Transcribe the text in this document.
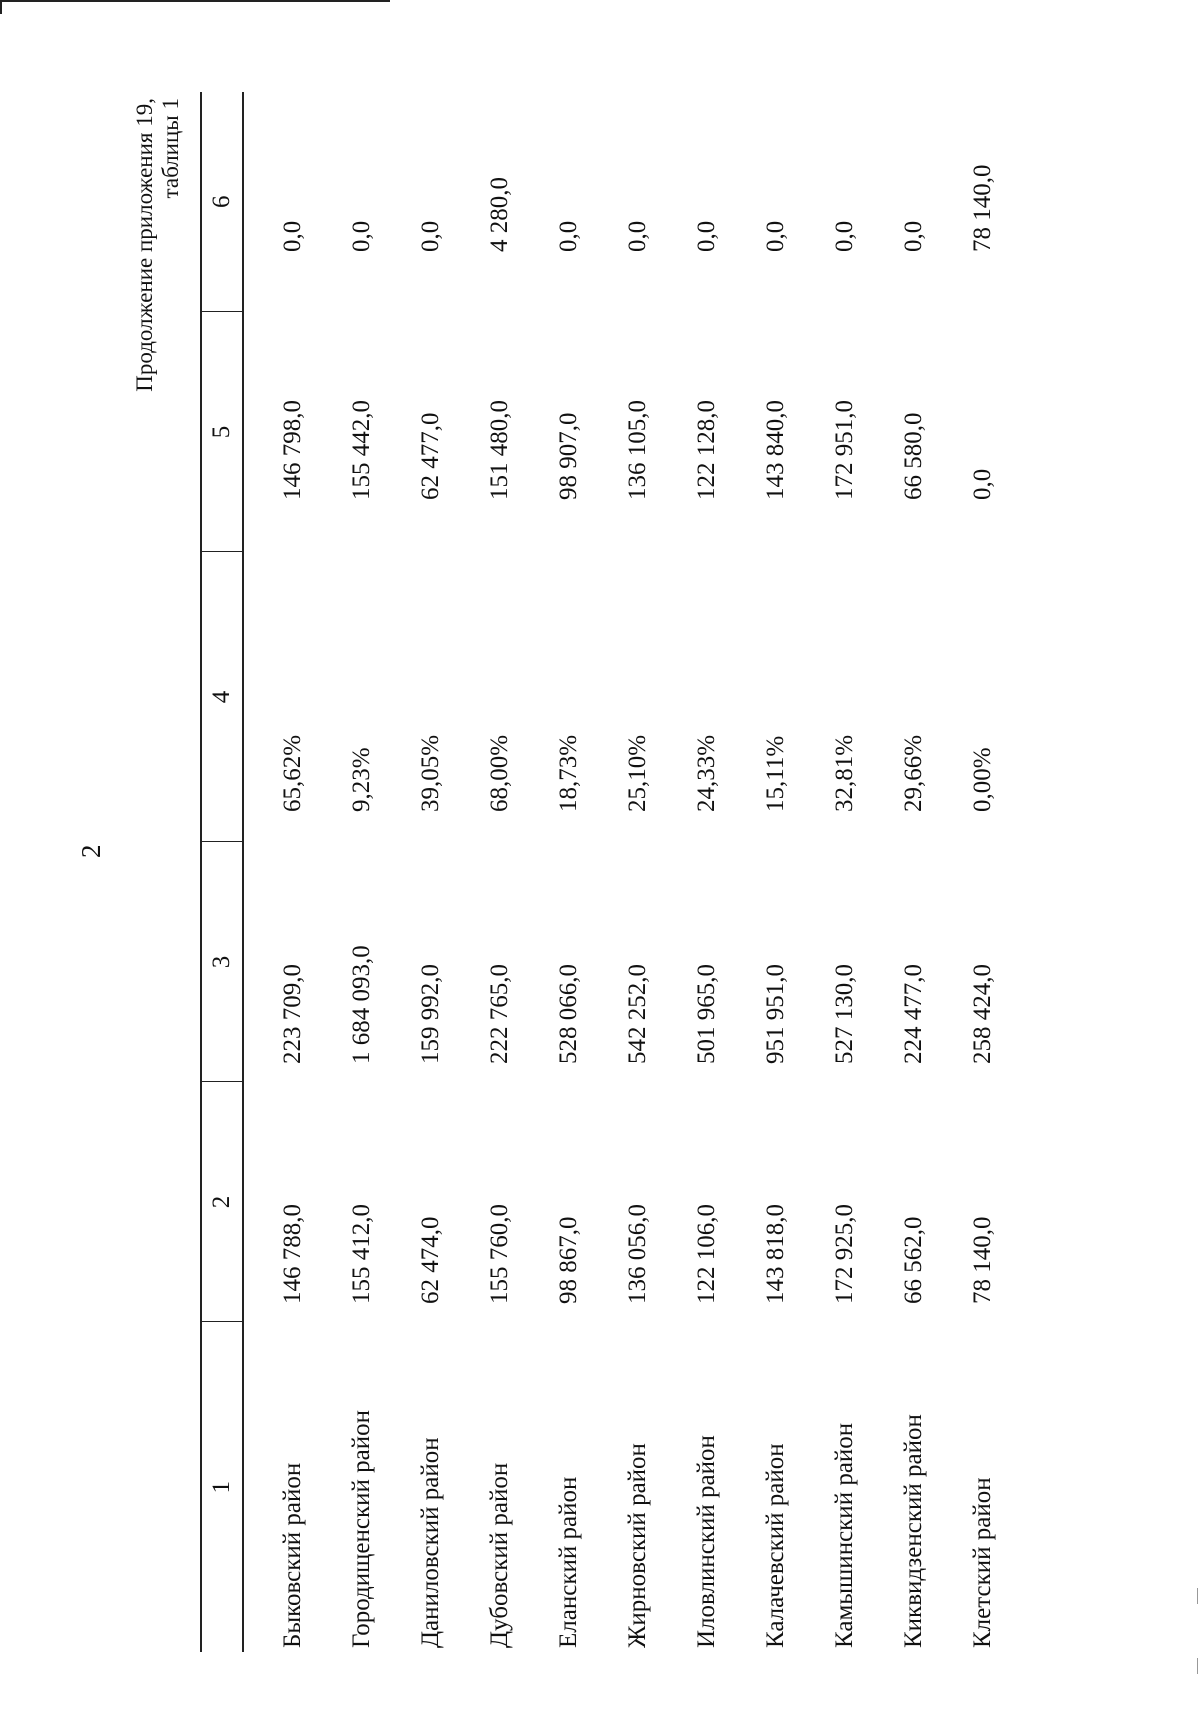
2
Продолжение приложения 19, таблицы 1
1	2	3	4	5	6
Быковский район	146 788,0	223 709,0	65,62%	146 798,0	0,0
Городищенский район	155 412,0	1 684 093,0	9,23%	155 442,0	0,0
Даниловский район	62 474,0	159 992,0	39,05%	62 477,0	0,0
Дубовский район	155 760,0	222 765,0	68,00%	151 480,0	4 280,0
Еланский район	98 867,0	528 066,0	18,73%	98 907,0	0,0
Жирновский район	136 056,0	542 252,0	25,10%	136 105,0	0,0
Иловлинский район	122 106,0	501 965,0	24,33%	122 128,0	0,0
Калачевский район	143 818,0	951 951,0	15,11%	143 840,0	0,0
Камышинский район	172 925,0	527 130,0	32,81%	172 951,0	0,0
Киквидзенский район	66 562,0	224 477,0	29,66%	66 580,0	0,0
Клетский район	78 140,0	258 424,0	0,00%	0,0	78 140,0
